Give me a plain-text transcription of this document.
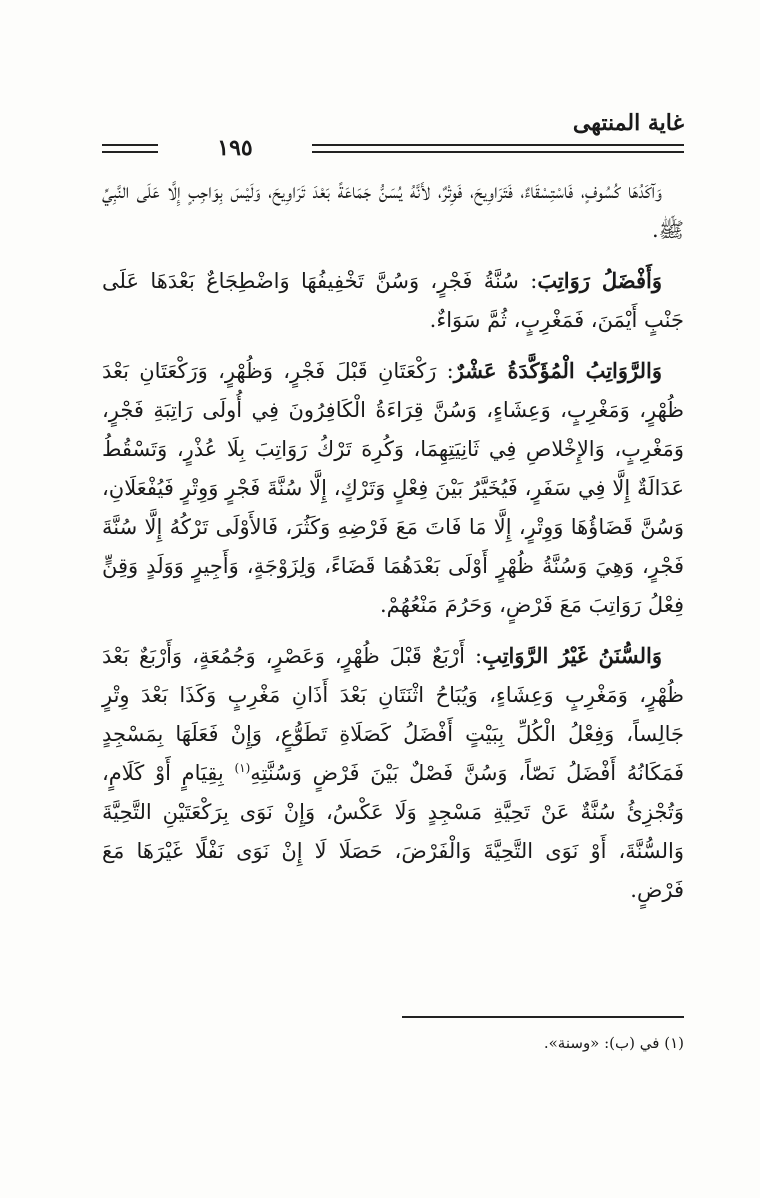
غاية المنتهى
١٩٥

وَآكَدُهَا كُسُوفٍ، فَاسْتِسْقَاءٌ، فَتَرَاوِيحَ، فَوِتْرٌ، لأَنَّهُ يُسَنُّ جَمَاعَةً بَعْدَ تَرَاوِيحَ، وَلَيْسَ بِوَاجِبٍ إِلَّا عَلَى النَّبِيِّ ﷺ.

وَأَفْضَلُ رَوَاتِبَ: سُنَّةُ فَجْرٍ، وَسُنَّ تَخْفِيفُهَا وَاضْطِجَاعٌ بَعْدَهَا عَلَى جَنْبٍ أَيْمَنَ، فَمَغْرِبٍ، ثُمَّ سَوَاءٌ.

وَالرَّوَاتِبُ الْمُؤَكَّدَةُ عَشْرٌ: رَكْعَتَانِ قَبْلَ فَجْرٍ، وَظُهْرٍ، وَرَكْعَتَانِ بَعْدَ ظُهْرٍ، وَمَغْرِبٍ، وَعِشَاءٍ، وَسُنَّ قِرَاءَةُ الْكَافِرُونَ فِي أُولَى رَاتِبَةِ فَجْرٍ، وَمَغْرِبٍ، وَالإِخْلاصِ فِي ثَانِيَتِهِمَا، وَكُرِهَ تَرْكُ رَوَاتِبَ بِلَا عُذْرٍ، وَتَسْقُطُ عَدَالَةٌ إِلَّا فِي سَفَرٍ، فَيُخَيَّرُ بَيْنَ فِعْلٍ وَتَرْكٍ، إِلَّا سُنَّةَ فَجْرٍ وَوِتْرٍ فَيُفْعَلَانِ، وَسُنَّ قَضَاؤُهَا وَوِتْرٍ، إِلَّا مَا فَاتَ مَعَ فَرْضِهِ وَكَثُرَ، فَالأَوْلَى تَرْكُهُ إِلَّا سُنَّةَ فَجْرٍ، وَهِيَ وَسُنَّةُ ظُهْرٍ أَوْلَى بَعْدَهُمَا قَضَاءً، وَلِزَوْجَةٍ، وَأَجِيرٍ وَوَلَدٍ وَقِنٍّ فِعْلُ رَوَاتِبَ مَعَ فَرْضٍ، وَحَرُمَ مَنْعُهُمْ.

وَالسُّنَنُ غَيْرُ الرَّوَاتِبِ: أَرْبَعٌ قَبْلَ ظُهْرٍ، وَعَصْرٍ، وَجُمُعَةٍ، وَأَرْبَعٌ بَعْدَ ظُهْرٍ، وَمَغْرِبٍ وَعِشَاءٍ، وَيُبَاحُ اثْنَتَانِ بَعْدَ أَذَانِ مَغْرِبٍ وَكَذَا بَعْدَ وِتْرٍ جَالِساً، وَفِعْلُ الْكُلِّ بِبَيْتٍ أَفْضَلُ كَصَلَاةِ تَطَوُّعٍ، وَإِنْ فَعَلَهَا بِمَسْجِدٍ فَمَكَانُهُ أَفْضَلُ نَصّاً، وَسُنَّ فَصْلٌ بَيْنَ فَرْضٍ وَسُنَّتِهِ$^{(١)}$ بِقِيَامٍ أَوْ كَلَامٍ، وَتُجْزِئُ سُنَّةٌ عَنْ تَحِيَّةِ مَسْجِدٍ وَلَا عَكْسُ، وَإِنْ نَوَى بِرَكْعَتَيْنِ التَّحِيَّةَ وَالسُّنَّةَ، أَوْ نَوَى التَّحِيَّةَ وَالْفَرْضَ، حَصَلَا لَا إِنْ نَوَى نَفْلًا غَيْرَهَا مَعَ فَرْضٍ.

(١) في (ب): «وسنة».
